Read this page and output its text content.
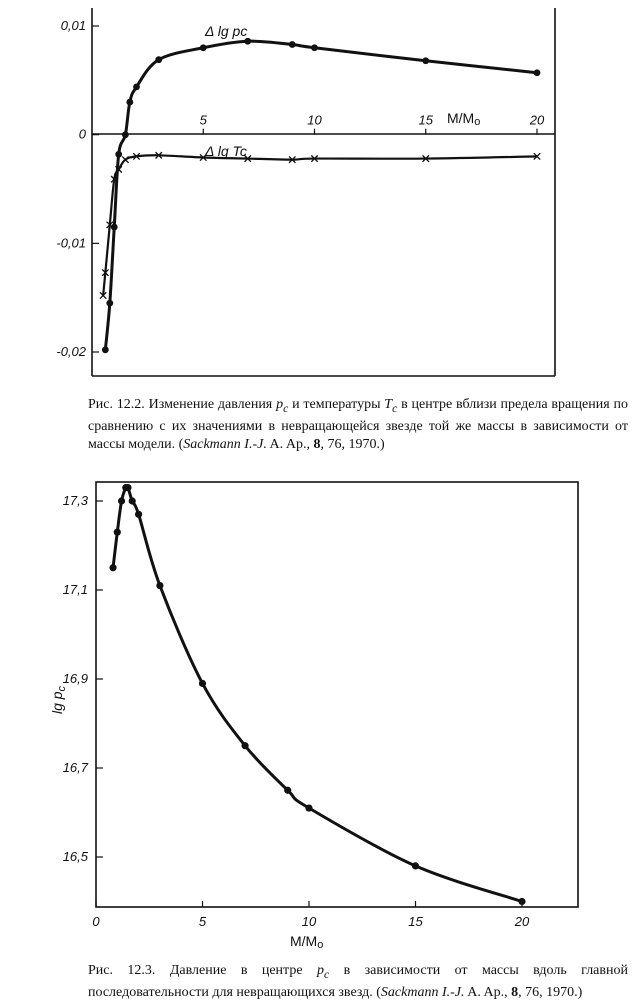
5	10	15	20
0,01
0
-0,01
-0,02
M/Mo
Δ lg pc
Δ lg Tc
0	5	10	15	20
17,3
17,1
16,9
16,7
16,5
M/Mo
$\lg p_c$
Рис. 12.2. Изменение давления $p_c$ и температуры $T_c$ в центре вблизи предела вращения по сравнению с их значениями в невращающейся звезде той же массы в зависимости от массы модели. (Sackmann I.-J. A. Ap., 8, 76, 1970.)
Рис. 12.3. Давление в центре $p_c$ в зависимости от массы вдоль главной последовательности для невращающихся звезд. (Sackmann I.-J. A. Ap., 8, 76, 1970.)
